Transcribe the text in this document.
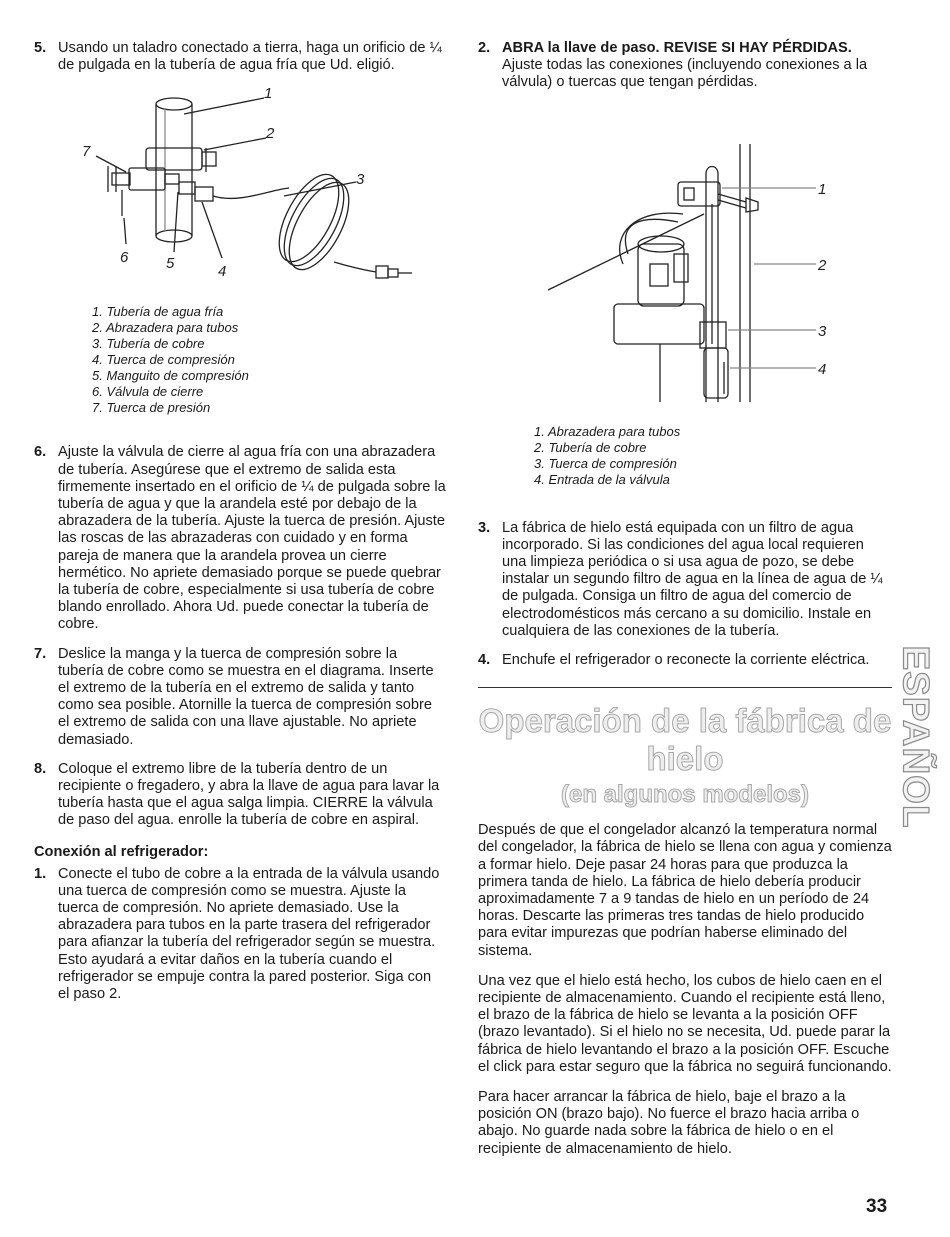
5. Usando un taladro conectado a tierra, haga un orificio de ¼ de pulgada en la tubería de agua fría que Ud. eligió.
1
2
3
7
6	5	4
1. Tubería de agua fría
2. Abrazadera para tubos
3. Tubería de cobre
4. Tuerca de compresión
5. Manguito de compresión
6. Válvula de cierre
7. Tuerca de presión
6. Ajuste la válvula de cierre al agua fría con una abrazadera de tubería. Asegúrese que el extremo de salida esta firmemente insertado en el orificio de ¼ de pulgada sobre la tubería de agua y que la arandela esté por debajo de la abrazadera de la tubería. Ajuste la tuerca de presión. Ajuste las roscas de las abrazaderas con cuidado y en forma pareja de manera que la arandela provea un cierre hermético. No apriete demasiado porque se puede quebrar la tubería de cobre, especialmente si usa tubería de cobre blando enrollado. Ahora Ud. puede conectar la tubería de cobre.
7. Deslice la manga y la tuerca de compresión sobre la tubería de cobre como se muestra en el diagrama. Inserte el extremo de la tubería en el extremo de salida y tanto como sea posible. Atornille la tuerca de compresión sobre el extremo de salida con una llave ajustable. No apriete demasiado.
8. Coloque el extremo libre de la tubería dentro de un recipiente o fregadero, y abra la llave de agua para lavar la tubería hasta que el agua salga limpia. CIERRE la válvula de paso del agua. enrolle la tubería de cobre en aspiral.
Conexión al refrigerador:
1. Conecte el tubo de cobre a la entrada de la válvula usando una tuerca de compresión como se muestra. Ajuste la tuerca de compresión. No apriete demasiado. Use la abrazadera para tubos en la parte trasera del refrigerador para afianzar la tubería del refrigerador según se muestra. Esto ayudará a evitar daños en la tubería cuando el refrigerador se empuje contra la pared posterior. Siga con el paso 2.
2. ABRA la llave de paso. REVISE SI HAY PÉRDIDAS.
Ajuste todas las conexiones (incluyendo conexiones a la válvula) o tuercas que tengan pérdidas.
1
2
3
4
1. Abrazadera para tubos
2. Tubería de cobre
3. Tuerca de compresión
4. Entrada de la válvula
3. La fábrica de hielo está equipada con un filtro de agua incorporado. Si las condiciones del agua local requieren una limpieza periódica o si usa agua de pozo, se debe instalar un segundo filtro de agua en la línea de agua de ¼ de pulgada. Consiga un filtro de agua del comercio de electrodomésticos más cercano a su domicilio. Instale en cualquiera de las conexiones de la tubería.
4. Enchufe el refrigerador o reconecte la corriente eléctrica.
Operación de la fábrica de hielo
(en algunos modelos)

Después de que el congelador alcanzó la temperatura normal del congelador, la fábrica de hielo se llena con agua y comienza a formar hielo. Deje pasar 24 horas para que produzca la primera tanda de hielo. La fábrica de hielo debería producir aproximadamente 7 a 9 tandas de hielo en un período de 24 horas. Descarte las primeras tres tandas de hielo producido para evitar impurezas que podrían haberse eliminado del sistema.

Una vez que el hielo está hecho, los cubos de hielo caen en el recipiente de almacenamiento. Cuando el recipiente está lleno, el brazo de la fábrica de hielo se levanta a la posición OFF (brazo levantado). Si el hielo no se necesita, Ud. puede parar la fábrica de hielo levantando el brazo a la posición OFF. Escuche el click para estar seguro que la fábrica no seguirá funcionando.

Para hacer arrancar la fábrica de hielo, baje el brazo a la posición ON (brazo bajo). No fuerce el brazo hacia arriba o abajo. No guarde nada sobre la fábrica de hielo o en el recipiente de almacenamiento de hielo.

ESPAÑOL
33
